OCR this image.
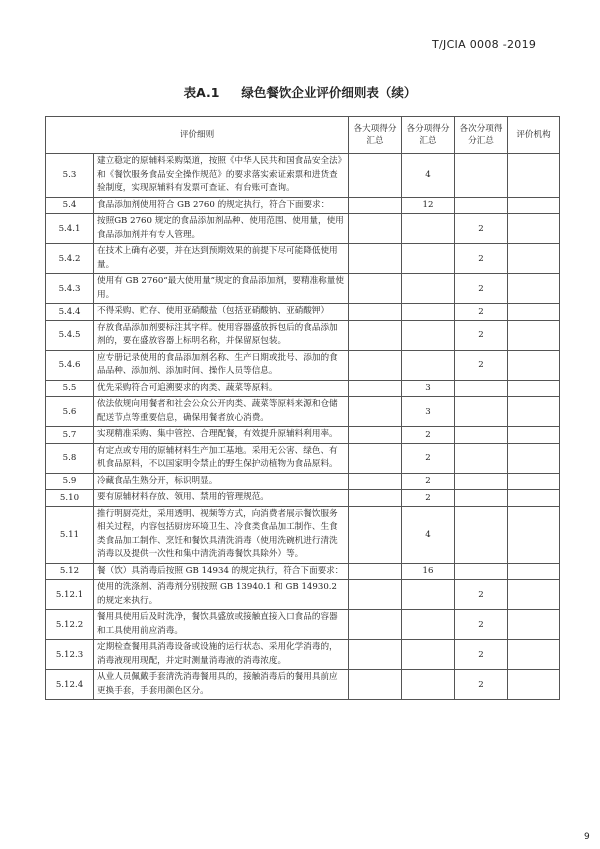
T/JCIA 0008 -2019
表A.1 绿色餐饮企业评价细则表（续）
评价细则		各大项得分汇总	各分项得分汇总	各次分项得分汇总	评价机构
5.3	建立稳定的原辅料采购渠道，按照《中华人民共和国食品安全法》和《餐饮服务食品安全操作规范》的要求落实索证索票和进货查验制度，实现原辅料有发票可查证、有台账可查询。		4		
5.4	食品添加剂使用符合 GB 2760 的规定执行，符合下面要求：		12		
5.4.1	按照GB 2760 规定的食品添加剂品种、使用范围、使用量，使用食品添加剂并有专人管理。			2	
5.4.2	在技术上确有必要，并在达到预期效果的前提下尽可能降低使用量。			2	
5.4.3	使用有 GB 2760“最大使用量”规定的食品添加剂，要精准称量使用。			2	
5.4.4	不得采购、贮存、使用亚硝酸盐（包括亚硝酸钠、亚硝酸钾）			2	
5.4.5	存放食品添加剂要标注其字样。使用容器盛放拆包后的食品添加剂的，要在盛放容器上标明名称，并保留原包装。			2	
5.4.6	应专册记录使用的食品添加剂名称、生产日期或批号、添加的食品品种、添加剂、添加时间、操作人员等信息。			2	
5.5	优先采购符合可追溯要求的肉类、蔬菜等原料。		3		
5.6	依法依规向用餐者和社会公众公开肉类、蔬菜等原料来源和仓储配送节点等重要信息，确保用餐者放心消费。		3		
5.7	实现精准采购、集中管控、合理配餐，有效提升原辅料利用率。		2		
5.8	有定点或专用的原辅材料生产加工基地。采用无公害、绿色、有机食品原料，不以国家明令禁止的野生保护动植物为食品原料。		2		
5.9	冷藏食品生熟分开，标识明显。		2		
5.10	要有原辅材料存放、领用、禁用的管理规范。		2		
5.11	推行明厨亮灶，采用透明、视频等方式，向消费者展示餐饮服务相关过程，内容包括厨房环境卫生、冷食类食品加工制作、生食类食品加工制作、烹饪和餐饮具清洗消毒（使用洗碗机进行清洗消毒以及提供一次性和集中清洗消毒餐饮具除外）等。		4		
5.12	餐（饮）具消毒后按照 GB 14934 的规定执行，符合下面要求：		16		
5.12.1	使用的洗涤剂、消毒剂分别按照 GB 13940.1 和 GB 14930.2 的规定来执行。			2	
5.12.2	餐用具使用后及时洗净，餐饮具盛放或接触直接入口食品的容器和工具使用前应消毒。			2	
5.12.3	定期检查餐用具消毒设备或设施的运行状态、采用化学消毒的，消毒液现用现配，并定时测量消毒液的消毒浓度。			2	
5.12.4	从业人员佩戴手套清洗消毒餐用具的，接触消毒后的餐用具前应更换手套，手套用颜色区分。			2	
9
